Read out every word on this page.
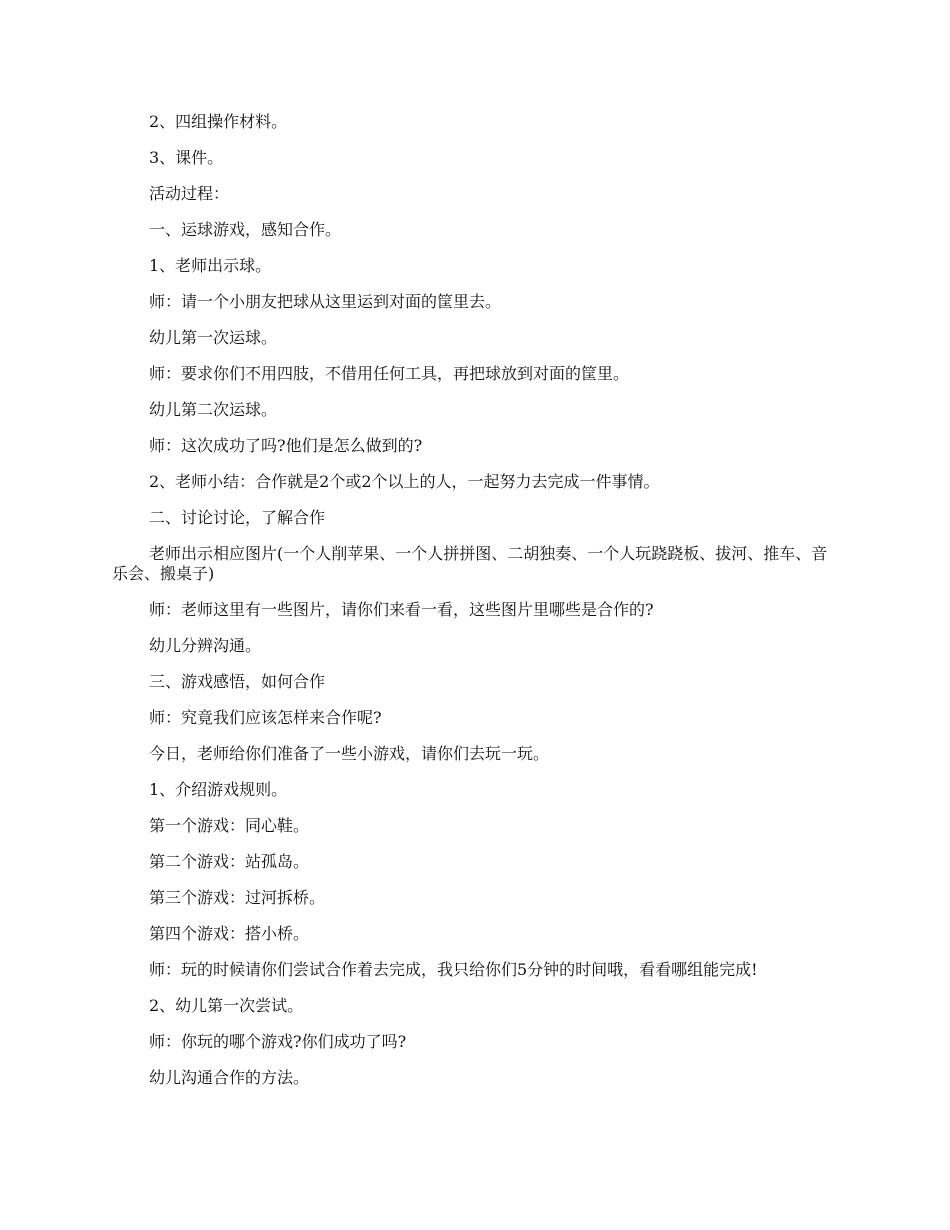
2、四组操作材料。

3、课件。

活动过程：

一、运球游戏，感知合作。

1、老师出示球。

师：请一个小朋友把球从这里运到对面的筐里去。

幼儿第一次运球。

师：要求你们不用四肢，不借用任何工具，再把球放到对面的筐里。

幼儿第二次运球。

师：这次成功了吗?他们是怎么做到的?

2、老师小结：合作就是2个或2个以上的人，一起努力去完成一件事情。

二、讨论讨论，了解合作

老师出示相应图片(一个人削苹果、一个人拼拼图、二胡独奏、一个人玩跷跷板、拔河、推车、音乐会、搬桌子)

师：老师这里有一些图片，请你们来看一看，这些图片里哪些是合作的?

幼儿分辨沟通。

三、游戏感悟，如何合作

师：究竟我们应该怎样来合作呢?

今日，老师给你们准备了一些小游戏，请你们去玩一玩。

1、介绍游戏规则。

第一个游戏：同心鞋。

第二个游戏：站孤岛。

第三个游戏：过河拆桥。

第四个游戏：搭小桥。

师：玩的时候请你们尝试合作着去完成，我只给你们5分钟的时间哦，看看哪组能完成!

2、幼儿第一次尝试。

师：你玩的哪个游戏?你们成功了吗?

幼儿沟通合作的方法。
